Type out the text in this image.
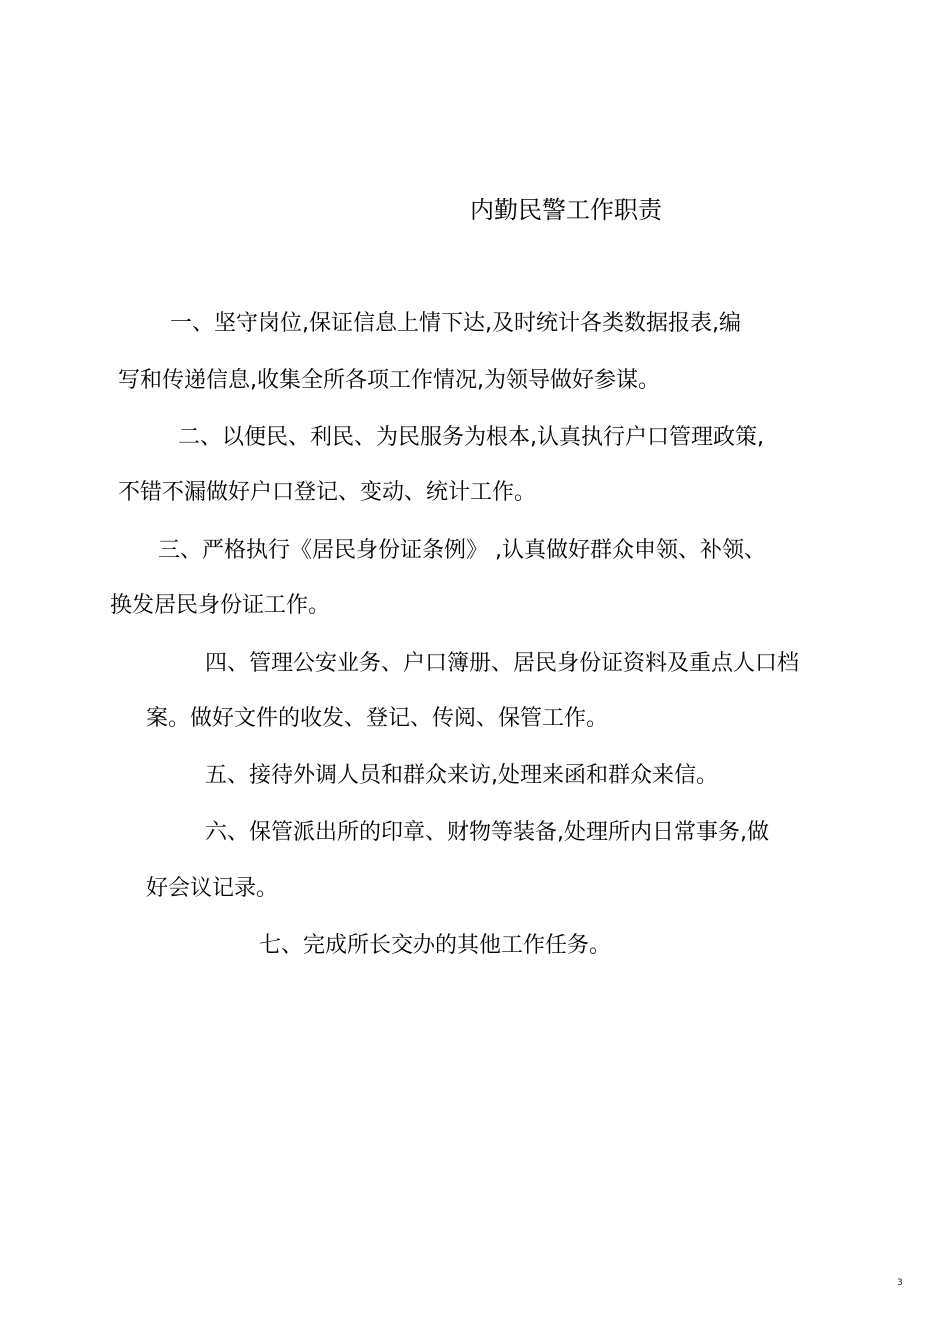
内勤民警工作职责
一、坚守岗位,保证信息上情下达,及时统计各类数据报表,编
写和传递信息,收集全所各项工作情况,为领导做好参谋。
二、以便民、利民、为民服务为根本,认真执行户口管理政策,
不错不漏做好户口登记、变动、统计工作。
三、严格执行《居民身份证条例》 ,认真做好群众申领、补领、
换发居民身份证工作。
四、管理公安业务、户口簿册、居民身份证资料及重点人口档
案。做好文件的收发、登记、传阅、保管工作。
五、接待外调人员和群众来访,处理来函和群众来信。
六、保管派出所的印章、财物等装备,处理所内日常事务,做
好会议记录。
七、完成所长交办的其他工作任务。
3
